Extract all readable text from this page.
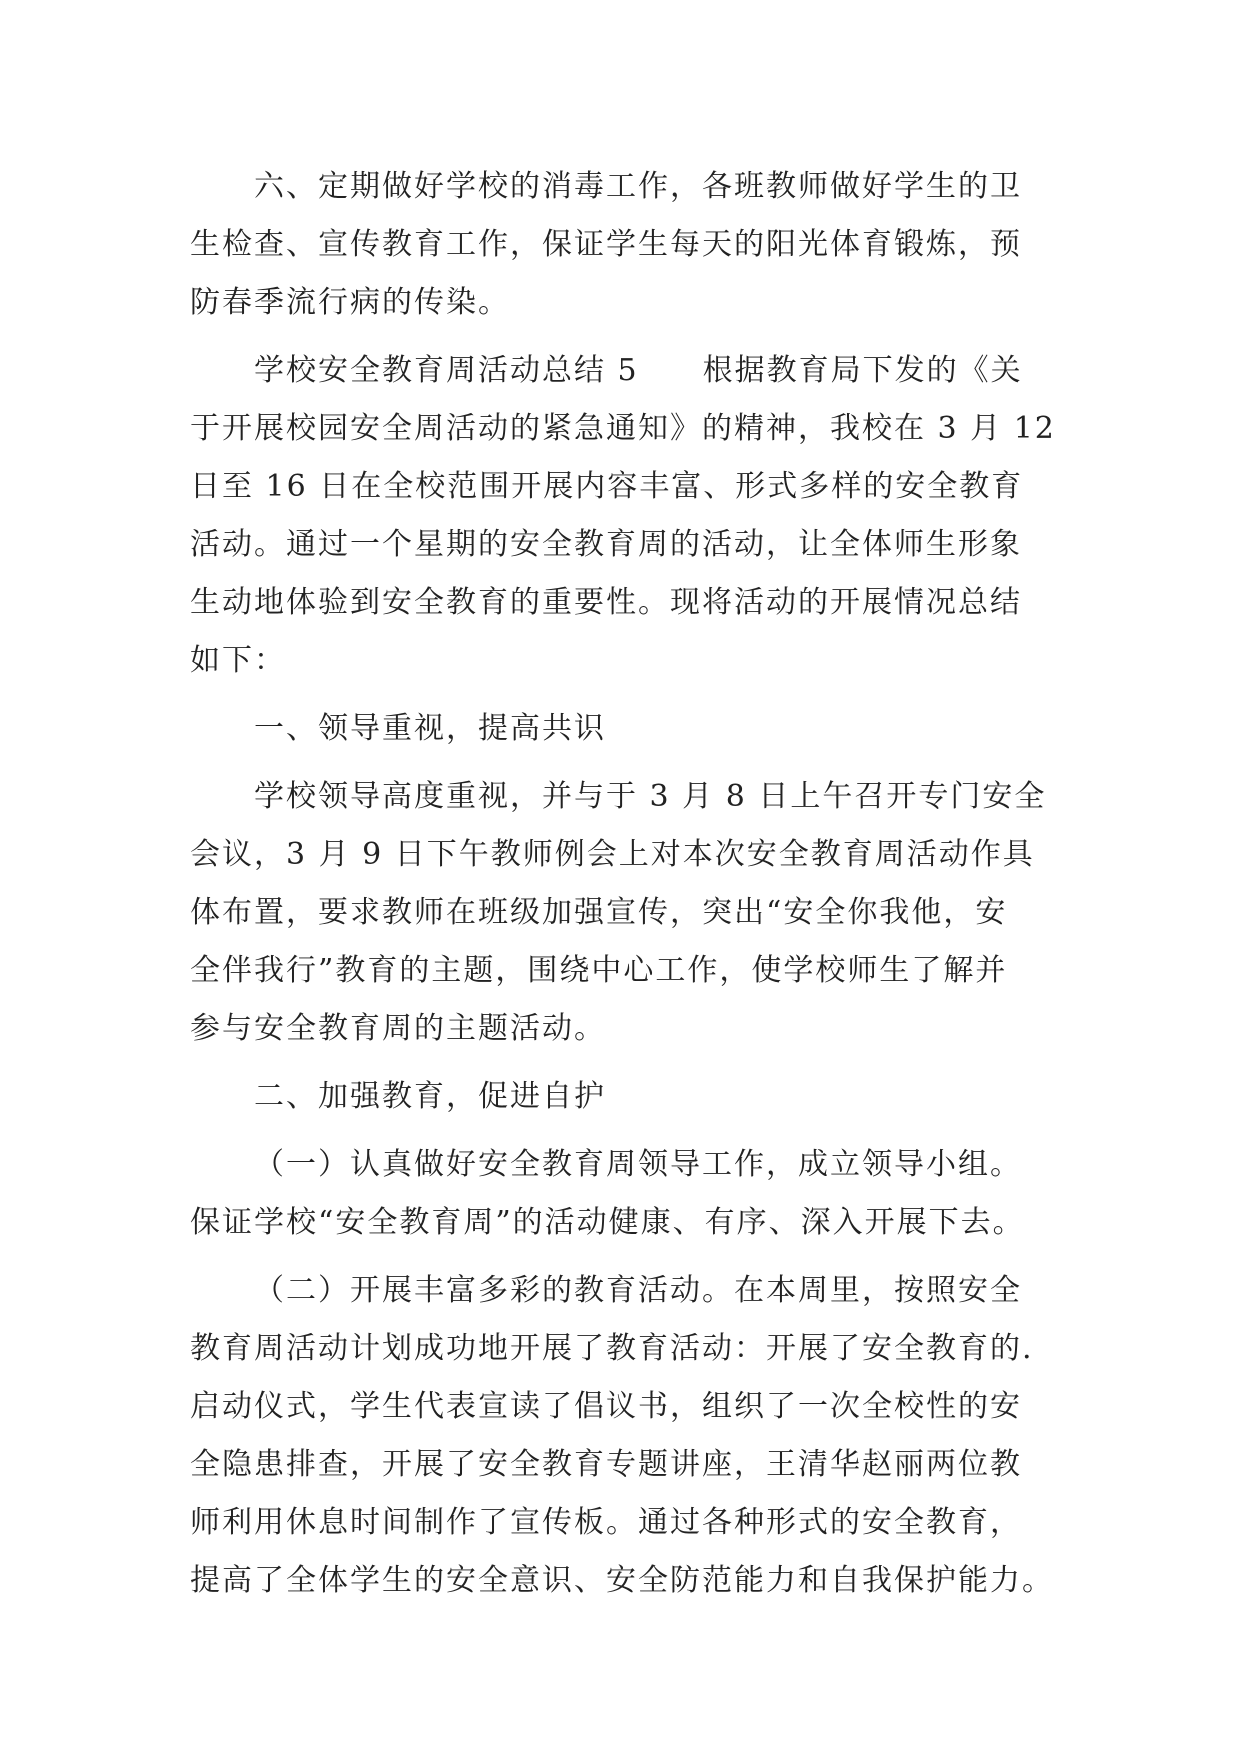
六、定期做好学校的消毒工作，各班教师做好学生的卫
生检查、宣传教育工作，保证学生每天的阳光体育锻炼，预
防春季流行病的传染。
学校安全教育周活动总结 5　　根据教育局下发的《关
于开展校园安全周活动的紧急通知》的精神，我校在 3 月 12
日至 16 日在全校范围开展内容丰富、形式多样的安全教育
活动。通过一个星期的安全教育周的活动，让全体师生形象
生动地体验到安全教育的重要性。现将活动的开展情况总结
如下：
一、领导重视，提高共识
学校领导高度重视，并与于 3 月 8 日上午召开专门安全
会议，3 月 9 日下午教师例会上对本次安全教育周活动作具
体布置，要求教师在班级加强宣传，突出“安全你我他，安
全伴我行”教育的主题，围绕中心工作，使学校师生了解并
参与安全教育周的主题活动。
二、加强教育，促进自护
（一）认真做好安全教育周领导工作，成立领导小组。
保证学校“安全教育周”的活动健康、有序、深入开展下去。
（二）开展丰富多彩的教育活动。在本周里，按照安全
教育周活动计划成功地开展了教育活动：开展了安全教育的.
启动仪式，学生代表宣读了倡议书，组织了一次全校性的安
全隐患排查，开展了安全教育专题讲座，王清华赵丽两位教
师利用休息时间制作了宣传板。通过各种形式的安全教育，
提高了全体学生的安全意识、安全防范能力和自我保护能力。
